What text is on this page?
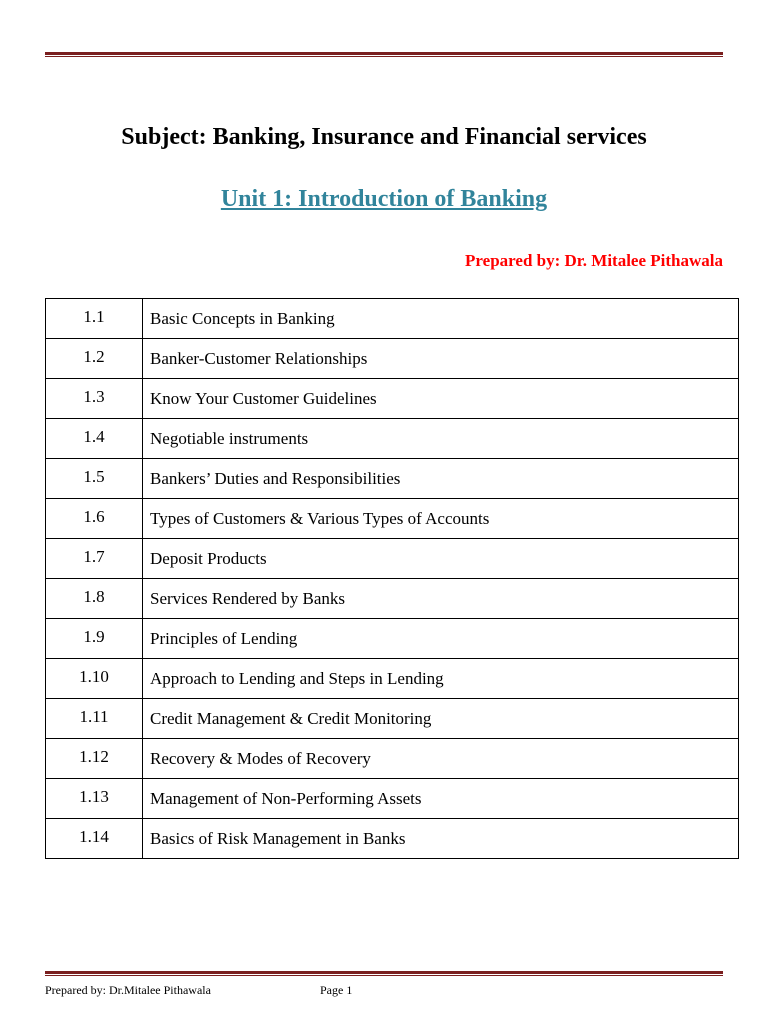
Subject: Banking, Insurance and Financial services
Unit 1: Introduction of Banking

Prepared by: Dr. Mitalee Pithawala

1.1	Basic Concepts in Banking
1.2	Banker-Customer Relationships
1.3	Know Your Customer Guidelines
1.4	Negotiable instruments
1.5	Bankers’ Duties and Responsibilities
1.6	Types of Customers & Various Types of Accounts
1.7	Deposit Products
1.8	Services Rendered by Banks
1.9	Principles of Lending
1.10	Approach to Lending and Steps in Lending
1.11	Credit Management & Credit Monitoring
1.12	Recovery & Modes of Recovery
1.13	Management of Non-Performing Assets
1.14	Basics of Risk Management in Banks

Prepared by: Dr.Mitalee Pithawala	Page 1
